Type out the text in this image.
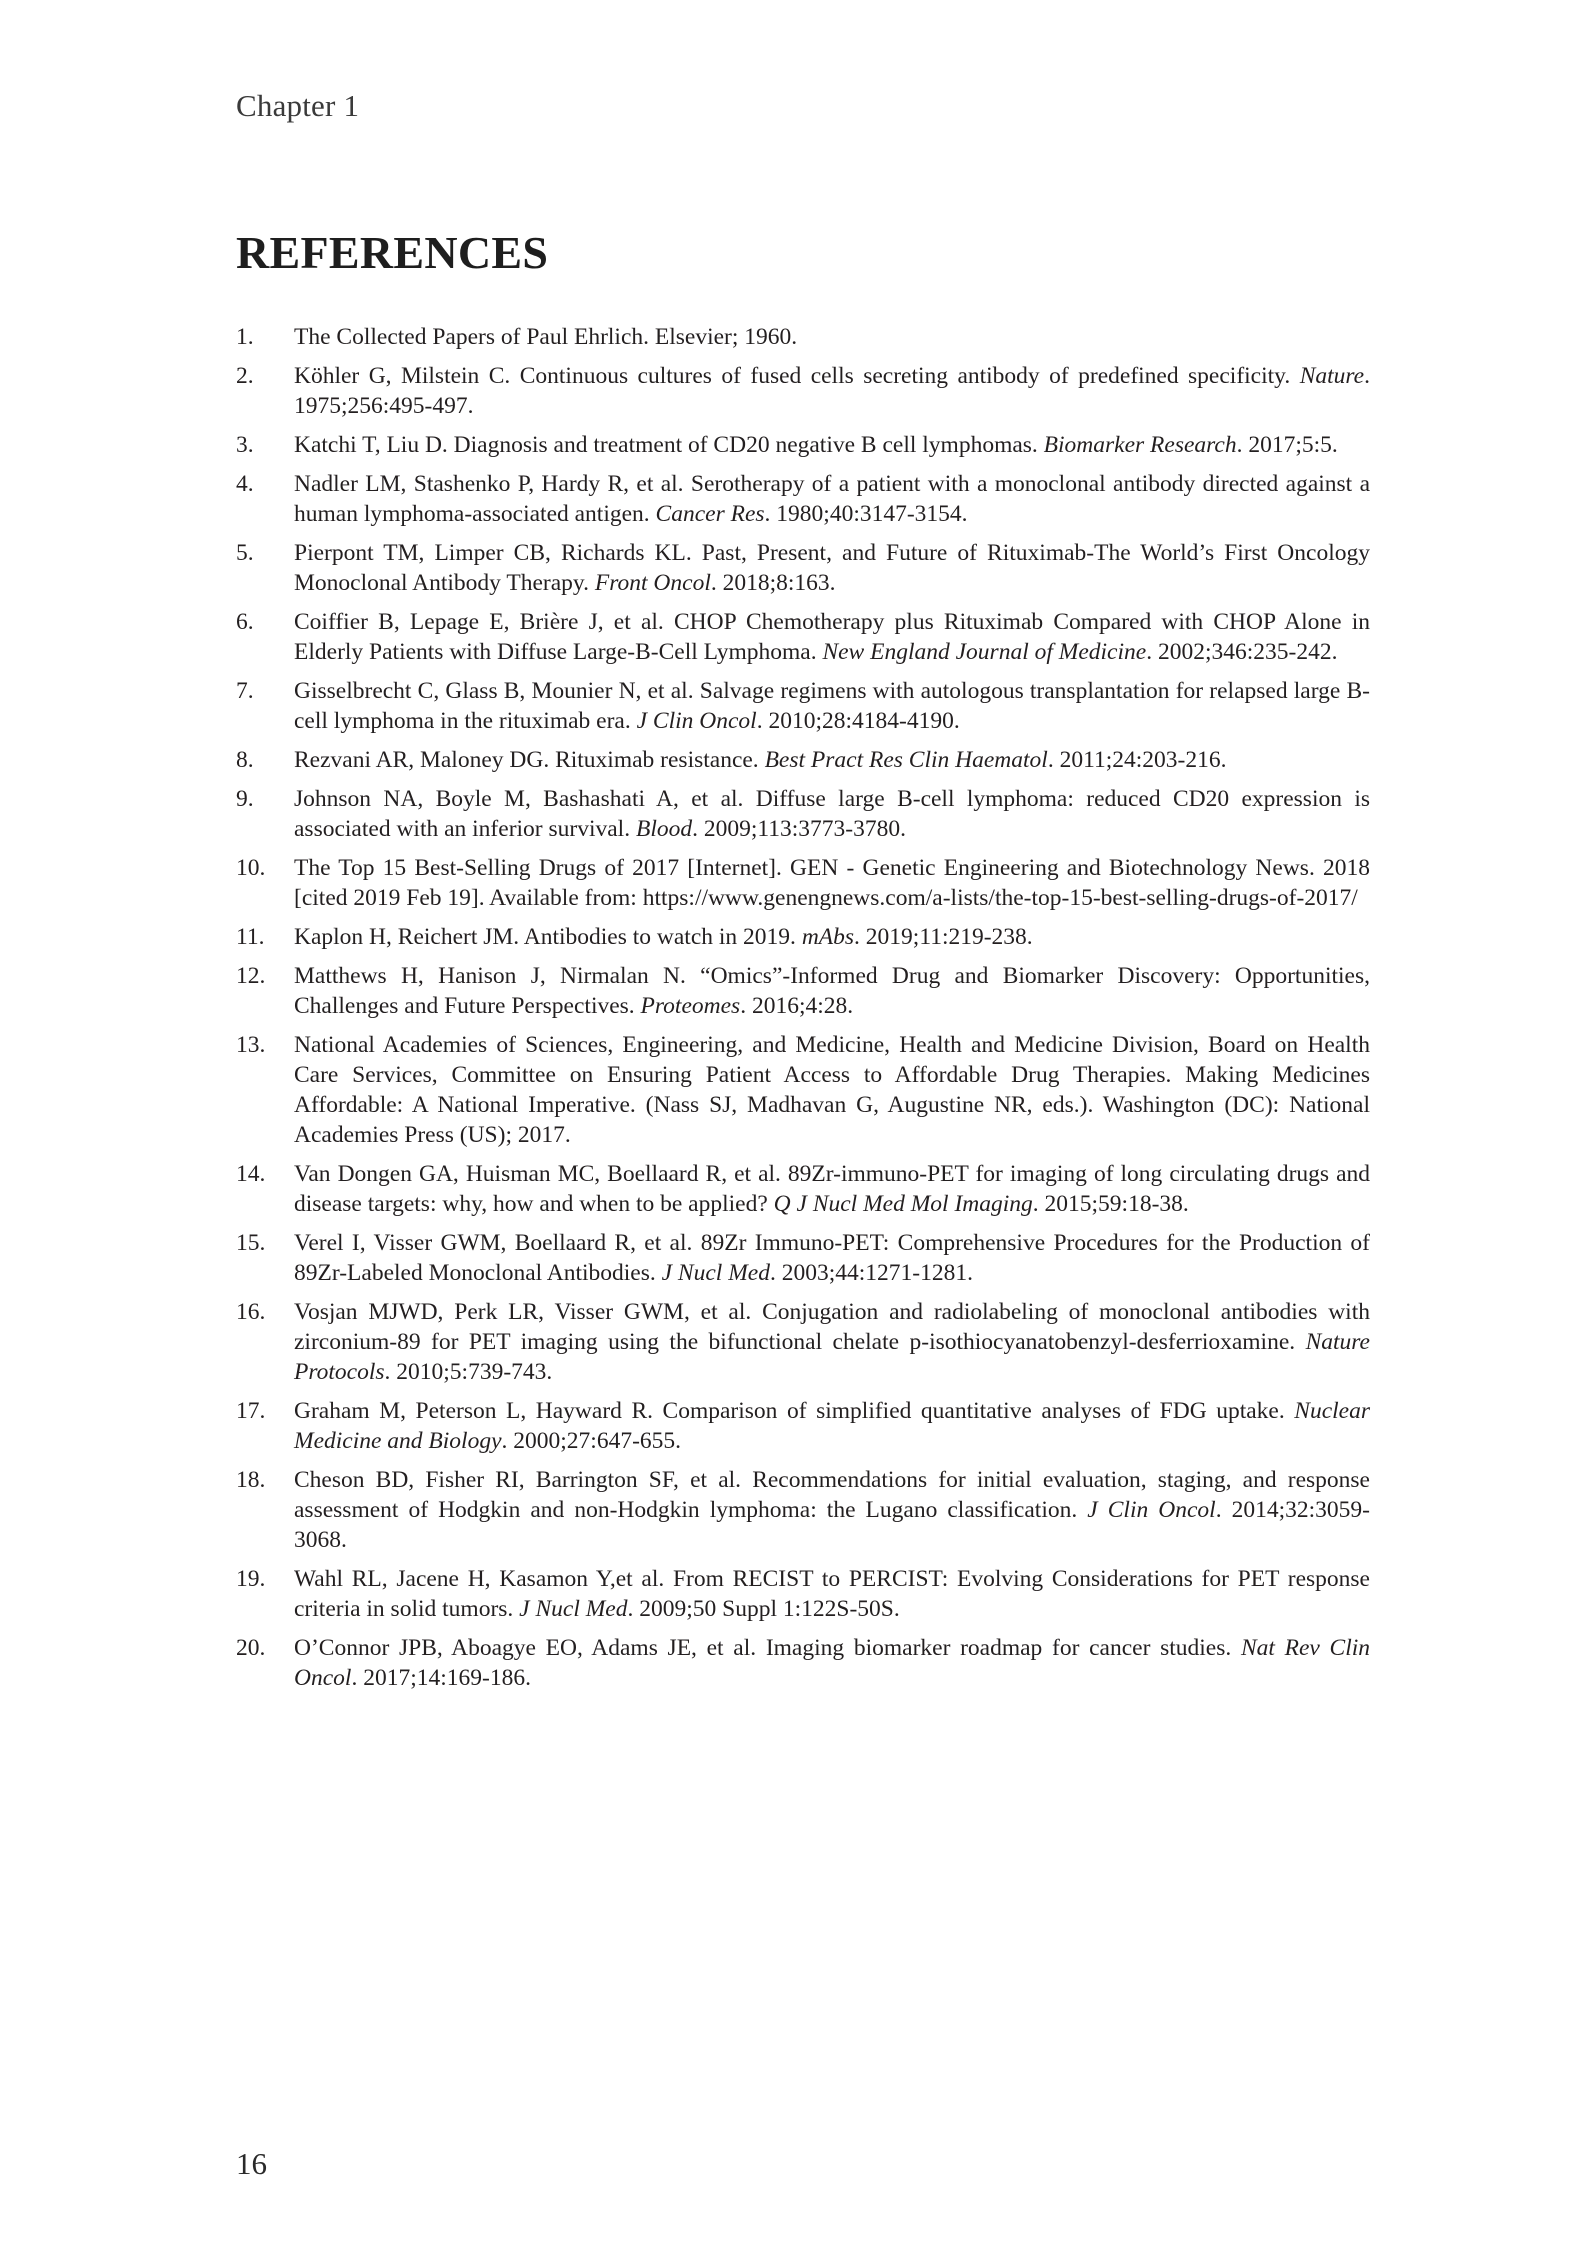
Chapter 1
REFERENCES
1.	The Collected Papers of Paul Ehrlich. Elsevier; 1960.
2.	Köhler G, Milstein C. Continuous cultures of fused cells secreting antibody of predefined specificity. Nature. 1975;256:495-497.
3.	Katchi T, Liu D. Diagnosis and treatment of CD20 negative B cell lymphomas. Biomarker Research. 2017;5:5.
4.	Nadler LM, Stashenko P, Hardy R, et al. Serotherapy of a patient with a monoclonal antibody directed against a human lymphoma-associated antigen. Cancer Res. 1980;40:3147-3154.
5.	Pierpont TM, Limper CB, Richards KL. Past, Present, and Future of Rituximab-The World’s First Oncology Monoclonal Antibody Therapy. Front Oncol. 2018;8:163.
6.	Coiffier B, Lepage E, Brière J, et al. CHOP Chemotherapy plus Rituximab Compared with CHOP Alone in Elderly Patients with Diffuse Large-B-Cell Lymphoma. New England Journal of Medicine. 2002;346:235-242.
7.	Gisselbrecht C, Glass B, Mounier N, et al. Salvage regimens with autologous transplantation for relapsed large B-cell lymphoma in the rituximab era. J Clin Oncol. 2010;28:4184-4190.
8.	Rezvani AR, Maloney DG. Rituximab resistance. Best Pract Res Clin Haematol. 2011;24:203-216.
9.	Johnson NA, Boyle M, Bashashati A, et al. Diffuse large B-cell lymphoma: reduced CD20 expression is associated with an inferior survival. Blood. 2009;113:3773-3780.
10.	The Top 15 Best-Selling Drugs of 2017 [Internet]. GEN - Genetic Engineering and Biotechnology News. 2018 [cited 2019 Feb 19]. Available from: https://www.genengnews.com/a-lists/the-top-15-best-selling-drugs-of-2017/
11.	Kaplon H, Reichert JM. Antibodies to watch in 2019. mAbs. 2019;11:219-238.
12.	Matthews H, Hanison J, Nirmalan N. “Omics”-Informed Drug and Biomarker Discovery: Opportunities, Challenges and Future Perspectives. Proteomes. 2016;4:28.
13.	National Academies of Sciences, Engineering, and Medicine, Health and Medicine Division, Board on Health Care Services, Committee on Ensuring Patient Access to Affordable Drug Therapies. Making Medicines Affordable: A National Imperative. (Nass SJ, Madhavan G, Augustine NR, eds.). Washington (DC): National Academies Press (US); 2017.
14.	Van Dongen GA, Huisman MC, Boellaard R, et al. 89Zr-immuno-PET for imaging of long circulating drugs and disease targets: why, how and when to be applied? Q J Nucl Med Mol Imaging. 2015;59:18-38.
15.	Verel I, Visser GWM, Boellaard R, et al. 89Zr Immuno-PET: Comprehensive Procedures for the Production of 89Zr-Labeled Monoclonal Antibodies. J Nucl Med. 2003;44:1271-1281.
16.	Vosjan MJWD, Perk LR, Visser GWM, et al. Conjugation and radiolabeling of monoclonal antibodies with zirconium-89 for PET imaging using the bifunctional chelate p-isothiocyanatobenzyl-desferrioxamine. Nature Protocols. 2010;5:739-743.
17.	Graham M, Peterson L, Hayward R. Comparison of simplified quantitative analyses of FDG uptake. Nuclear Medicine and Biology. 2000;27:647-655.
18.	Cheson BD, Fisher RI, Barrington SF, et al. Recommendations for initial evaluation, staging, and response assessment of Hodgkin and non-Hodgkin lymphoma: the Lugano classification. J Clin Oncol. 2014;32:3059-3068.
19.	Wahl RL, Jacene H, Kasamon Y,et al. From RECIST to PERCIST: Evolving Considerations for PET response criteria in solid tumors. J Nucl Med. 2009;50 Suppl 1:122S-50S.
20.	O’Connor JPB, Aboagye EO, Adams JE, et al. Imaging biomarker roadmap for cancer studies. Nat Rev Clin Oncol. 2017;14:169-186.
16
